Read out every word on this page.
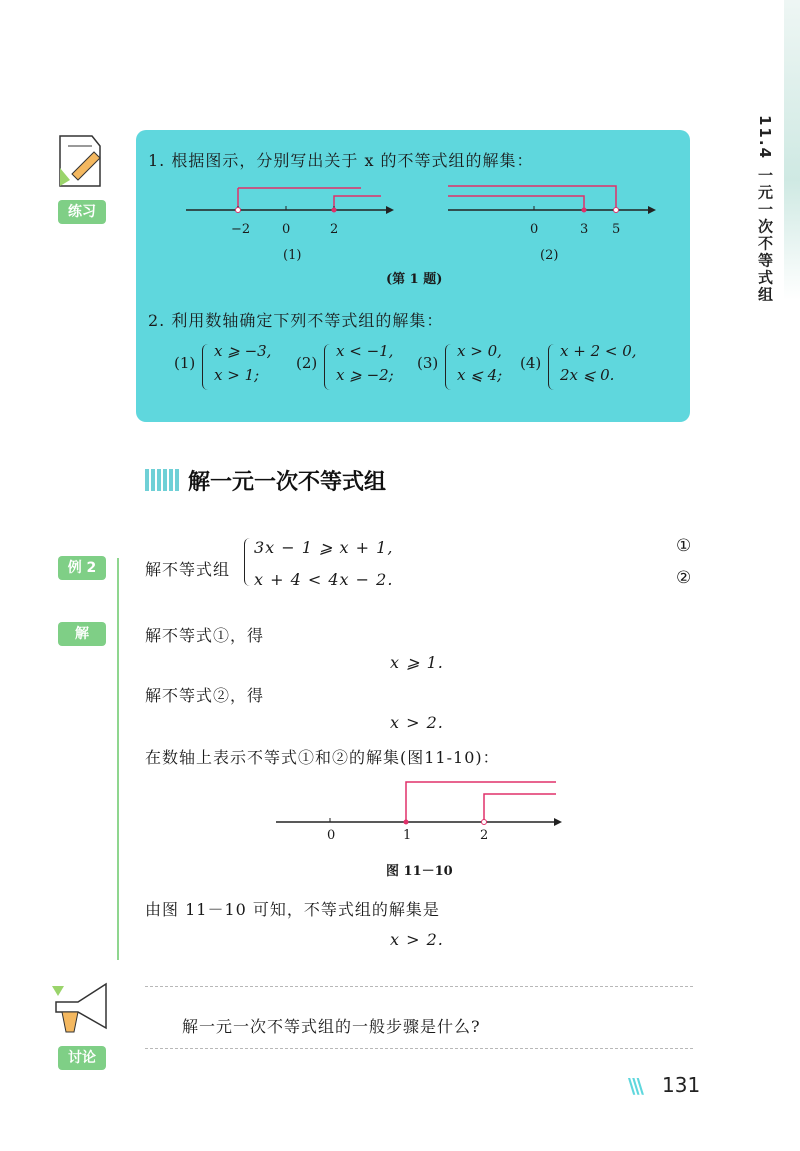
11.4 一元一次不等式组
练习
1. 根据图示，分别写出关于 x 的不等式组的解集：
−2 0	2
(1)
0	3 5
(2)
(第 1 题)
2. 利用数轴确定下列不等式组的解集：
(1)
x ⩾ −3,
x > 1;
(2)
x < −1,
x ⩾ −2;
(3)
x > 0,
x ⩽ 4;
(4)
x + 2 < 0,
2x ⩽ 0.
解一元一次不等式组
例 2	解不等式组
3x − 1 ⩾ x + 1,
x + 4 < 4x − 2.
①
②
解	解不等式①，得
x ⩾ 1.
解不等式②，得
x > 2.
在数轴上表示不等式①和②的解集(图11-10)：
0	1	2
图 11－10
由图 11－10 可知，不等式组的解集是
x > 2.
讨论
解一元一次不等式组的一般步骤是什么?
\\\ 131
